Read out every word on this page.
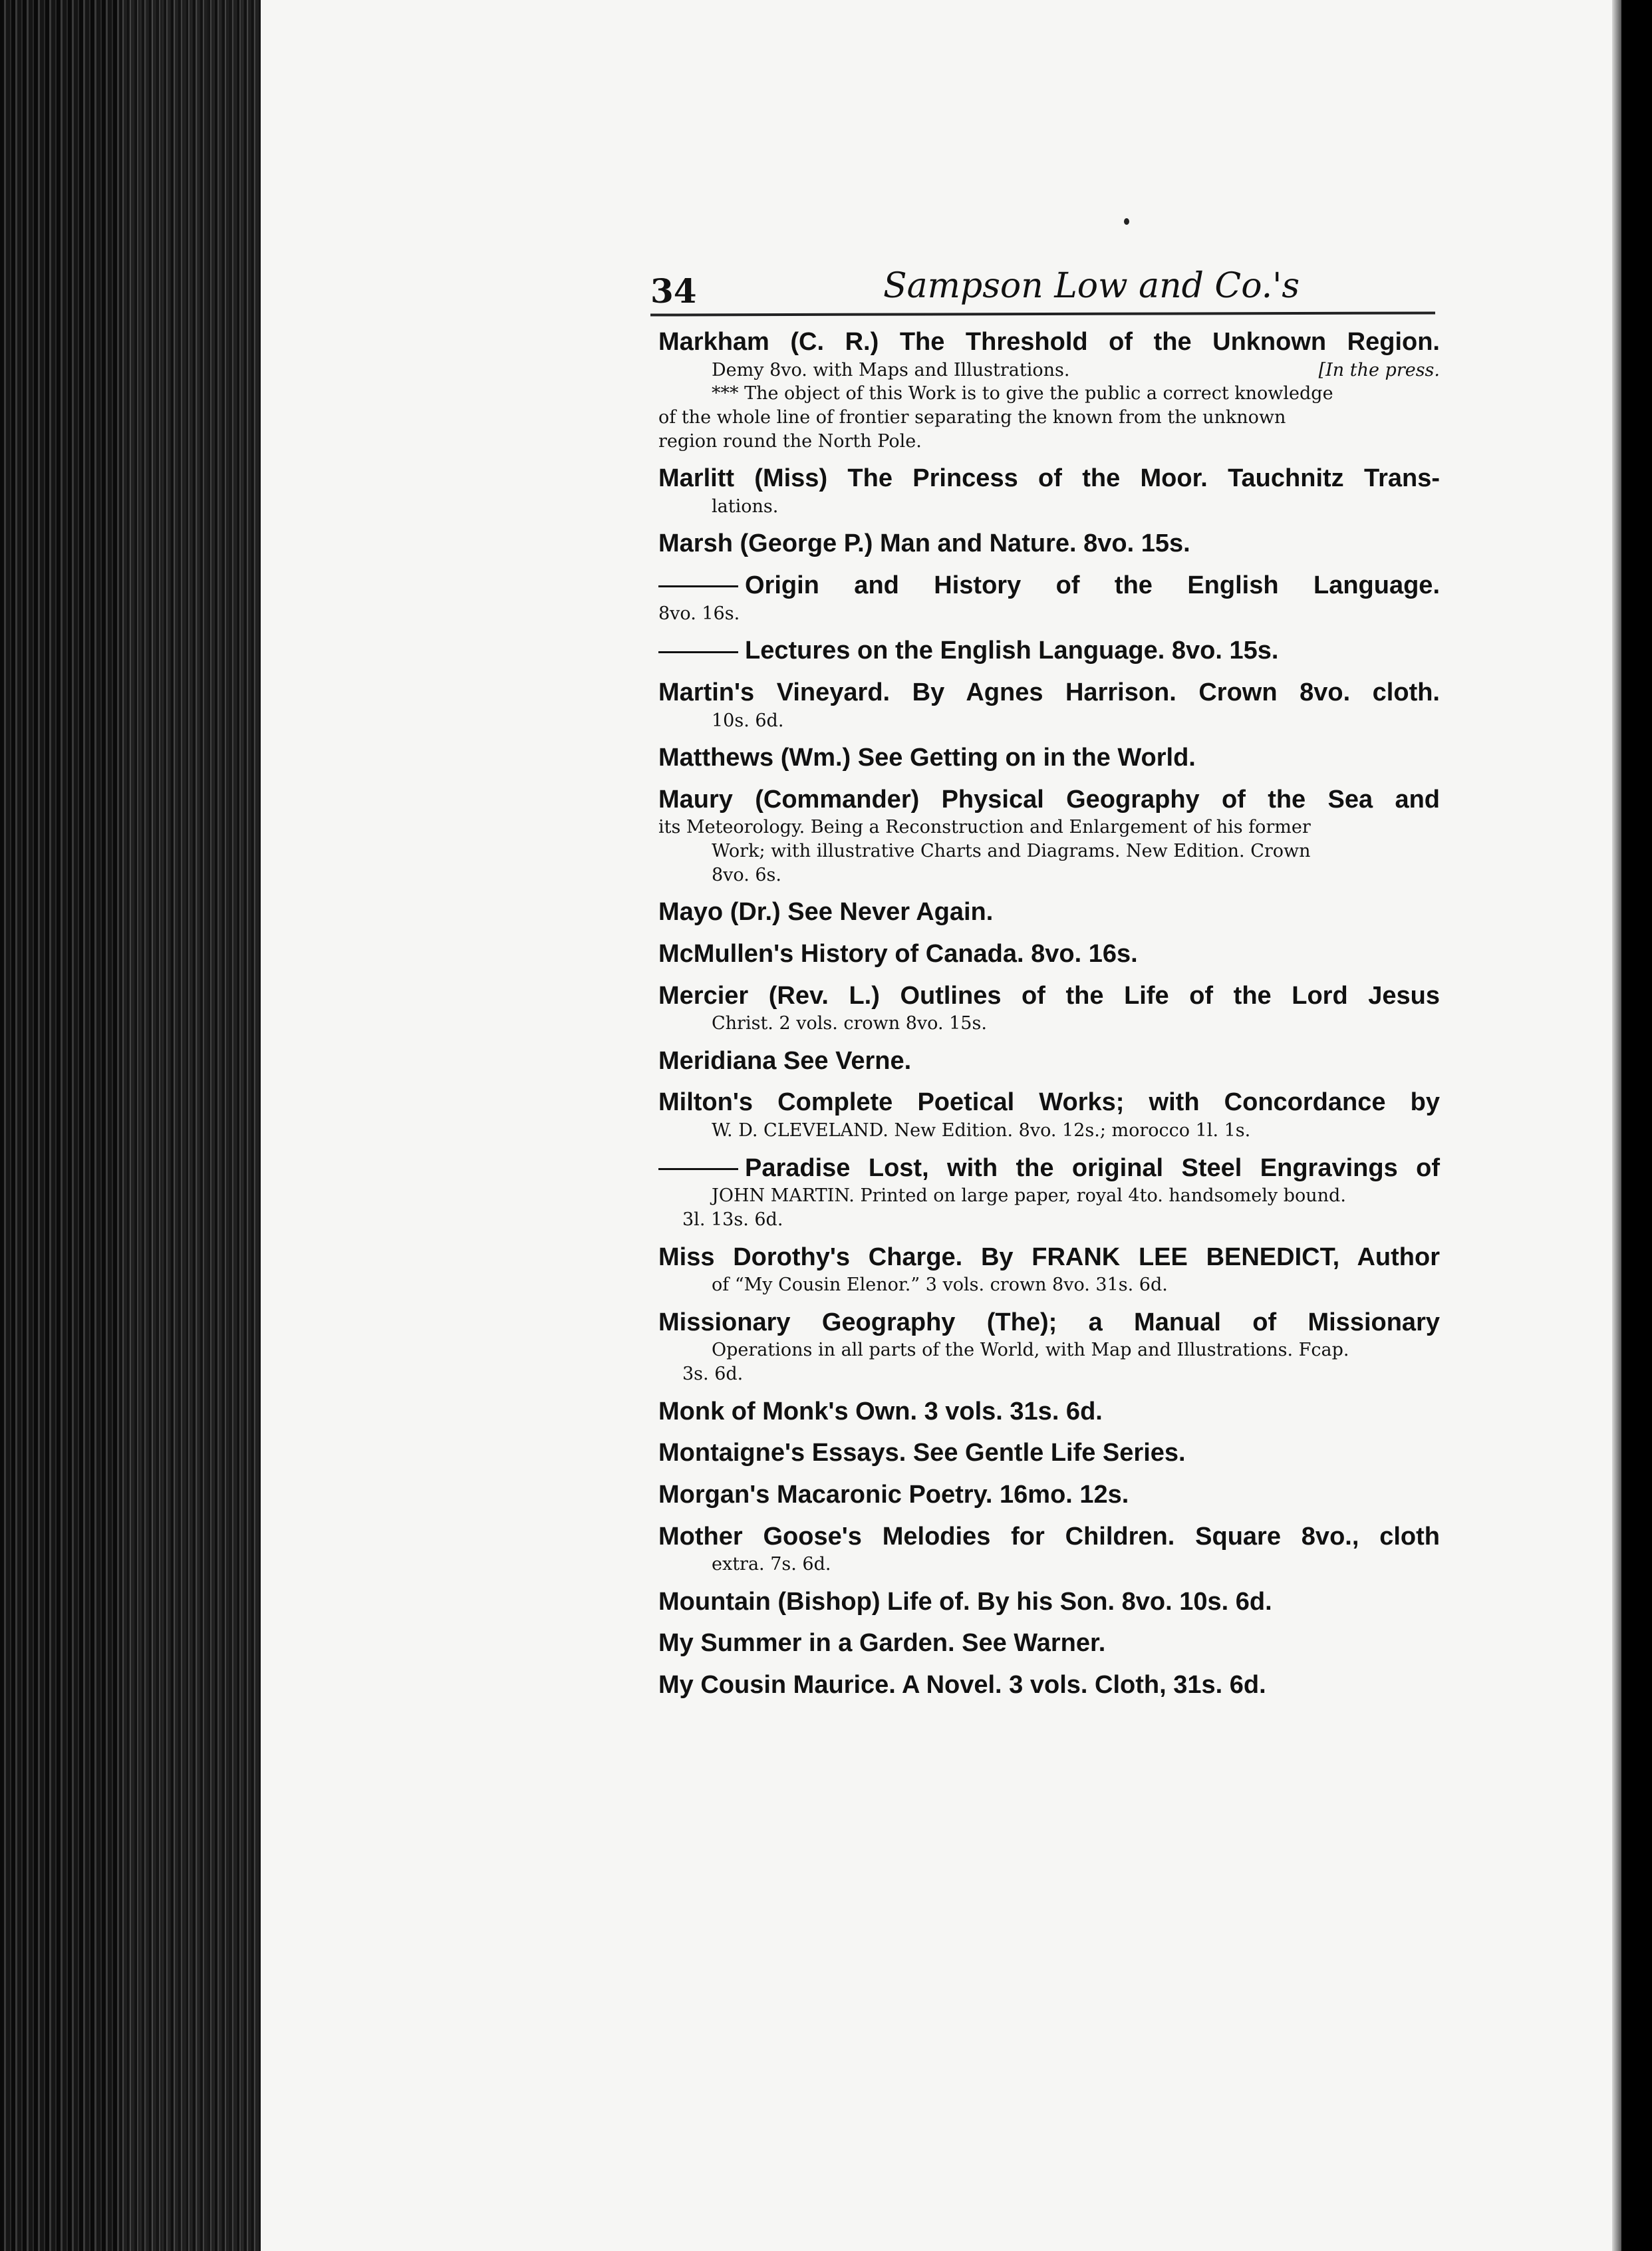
34	Sampson Low and Co.'s
Markham (C. R.) The Threshold of the Unknown Region.
Demy 8vo. with Maps and Illustrations.	[In the press.
*** The object of this Work is to give the public a correct knowledge
of the whole line of frontier separating the known from the unknown
region round the North Pole.
Marlitt (Miss) The Princess of the Moor. Tauchnitz Trans-
lations.
Marsh (George P.) Man and Nature. 8vo. 15s.
Origin and History of the English Language.
8vo. 16s.
Lectures on the English Language. 8vo. 15s.
Martin's Vineyard. By Agnes Harrison. Crown 8vo. cloth.
10s. 6d.
Matthews (Wm.) See Getting on in the World.
Maury (Commander) Physical Geography of the Sea and
its Meteorology. Being a Reconstruction and Enlargement of his former
Work; with illustrative Charts and Diagrams. New Edition. Crown
8vo. 6s.
Mayo (Dr.) See Never Again.
McMullen's History of Canada. 8vo. 16s.
Mercier (Rev. L.) Outlines of the Life of the Lord Jesus
Christ. 2 vols. crown 8vo. 15s.
Meridiana See Verne.
Milton's Complete Poetical Works; with Concordance by
W. D. CLEVELAND. New Edition. 8vo. 12s.; morocco 1l. 1s.
Paradise Lost, with the original Steel Engravings of
JOHN MARTIN. Printed on large paper, royal 4to. handsomely bound.
3l. 13s. 6d.
Miss Dorothy's Charge. By FRANK LEE BENEDICT, Author
of “My Cousin Elenor.” 3 vols. crown 8vo. 31s. 6d.
Missionary Geography (The); a Manual of Missionary
Operations in all parts of the World, with Map and Illustrations. Fcap.
3s. 6d.
Monk of Monk's Own. 3 vols. 31s. 6d.
Montaigne's Essays. See Gentle Life Series.
Morgan's Macaronic Poetry. 16mo. 12s.
Mother Goose's Melodies for Children. Square 8vo., cloth
extra. 7s. 6d.
Mountain (Bishop) Life of. By his Son. 8vo. 10s. 6d.
My Summer in a Garden. See Warner.
My Cousin Maurice. A Novel. 3 vols. Cloth, 31s. 6d.
